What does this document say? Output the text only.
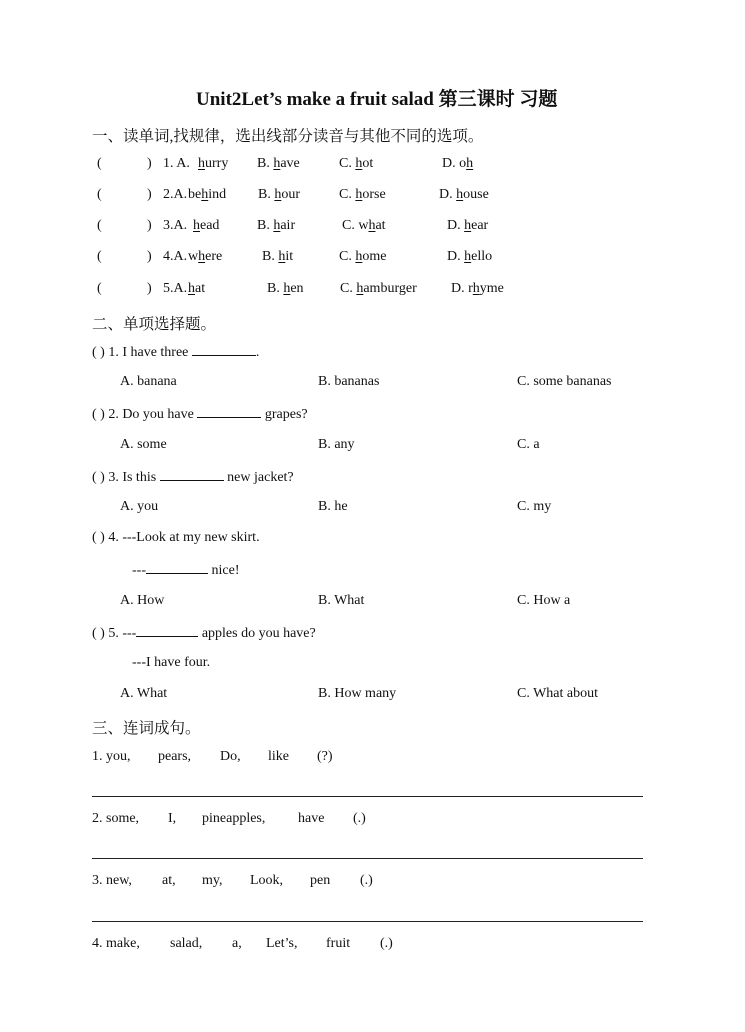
Unit2Let’s make a fruit salad 第三课时 习题
一、读单词,找规律，选出线部分读音与其他不同的选项。
(	) 1. A. hurry B. have	C. hot	D. oh
(	) 2.A. behind B. hour	C. horse	D. house
(	) 3.A. head	B. hair	C. what	D. hear
(	) 4.A. where	B. hit	C. home	D. hello
(	) 5.A. hat	B. hen	C. hamburger D. rhyme
二、单项选择题。
( ) 1. I have three	.
A. banana	B. bananas	C. some bananas
( ) 2. Do you have	grapes?
A. some	B. any	C. a
( ) 3. Is this	new jacket?
A. you	B. he	C. my
( ) 4. ---Look at my new skirt.
---	nice!
A. How	B. What	C. How a
( ) 5. ---	apples do you have?
---I have four.
A. What	B. How many	C. What about
三、连词成句。
1. you, pears, Do, like (?)
2. some, I, pineapples, have (.)
3. new, at, my, Look, pen (.)
4. make, salad, a, Let’s, fruit (.)
